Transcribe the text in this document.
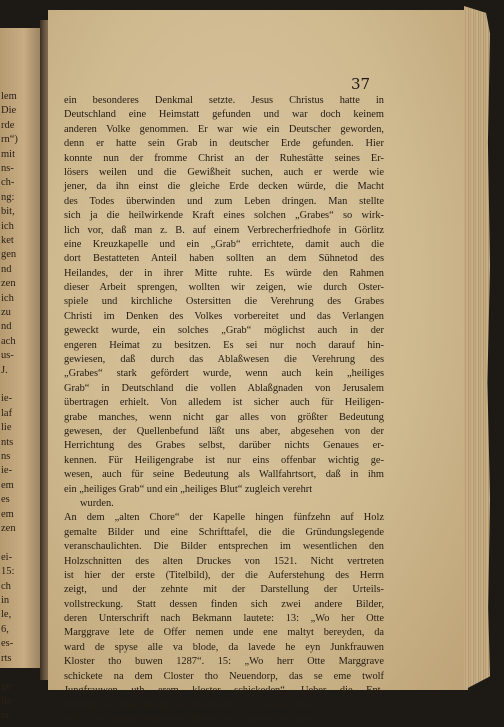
lem
Die
rde
rn“)
mit
ns-
ch-
ng:
bit,
ich
ket
gen
nd
zen
ich
zu
nd
ach
us-
J.
ie-
laf
lie
nts
ns
ie-
em
es
em
zen
ei-
15:
ch
in
le,
6,
es-
rts
ge
lle
ür
37
ein besonderes Denkmal setzte. Jesus Christus hatte in
Deutschland eine Heimstatt gefunden und war doch keinem
anderen Volke genommen. Er war wie ein Deutscher geworden,
denn er hatte sein Grab in deutscher Erde gefunden. Hier
konnte nun der fromme Christ an der Ruhestätte seines Er-
lösers weilen und die Gewißheit suchen, auch er werde wie
jener, da ihn einst die gleiche Erde decken würde, die Macht
des Todes überwinden und zum Leben dringen. Man stellte
sich ja die heilwirkende Kraft eines solchen „Grabes“ so wirk-
lich vor, daß man z. B. auf einem Verbrecherfriedhofe in Görlitz
eine Kreuzkapelle und ein „Grab“ errichtete, damit auch die
dort Bestatteten Anteil haben sollten an dem Sühnetod des
Heilandes, der in ihrer Mitte ruhte. Es würde den Rahmen
dieser Arbeit sprengen, wollten wir zeigen, wie durch Oster-
spiele und kirchliche Ostersitten die Verehrung des Grabes
Christi im Denken des Volkes vorbereitet und das Verlangen
geweckt wurde, ein solches „Grab“ möglichst auch in der
engeren Heimat zu besitzen. Es sei nur noch darauf hin-
gewiesen, daß durch das Ablaßwesen die Verehrung des
„Grabes“ stark gefördert wurde, wenn auch kein „heiliges
Grab“ in Deutschland die vollen Ablaßgnaden von Jerusalem
übertragen erhielt. Von alledem ist sicher auch für Heiligen-
grabe manches, wenn nicht gar alles von größter Bedeutung
gewesen, der Quellenbefund läßt uns aber, abgesehen von der
Herrichtung des Grabes selbst, darüber nichts Genaues er-
kennen. Für Heiligengrabe ist nur eins offenbar wichtig ge-
wesen, auch für seine Bedeutung als Wallfahrtsort, daß in ihm
ein „heiliges Grab“ und ein „heiliges Blut“ zugleich verehrt
wurden.
An dem „alten Chore“ der Kapelle hingen fünfzehn auf Holz
gemalte Bilder und eine Schrifttafel, die die Gründungslegende
veranschaulichten. Die Bilder entsprechen im wesentlichen den
Holzschnitten des alten Druckes von 1521. Nicht vertreten
ist hier der erste (Titelbild), der die Auferstehung des Herrn
zeigt, und der zehnte mit der Darstellung der Urteils-
vollstreckung. Statt dessen finden sich zwei andere Bilder,
deren Unterschrift nach Bekmann lautete: 13: „Wo her Otte
Marggrave lete de Offer nemen unde ene maltyt bereyden, da
ward de spyse alle va blode, da lavede he eyn Junkfrauwen
Kloster tho buwen 1287“. 15: „Wo herr Otte Marggrave
schickete na dem Closter tho Neuendorp, das se eme twolf
Jungfrauwen uth erem kloster schickeden“. Ueber die Ent-
stehung der Bilder besagt die Schrifttafel (16): „Diese schrift
hefft laten maken Anna Roren Ebbetische, Gote to lave unde
